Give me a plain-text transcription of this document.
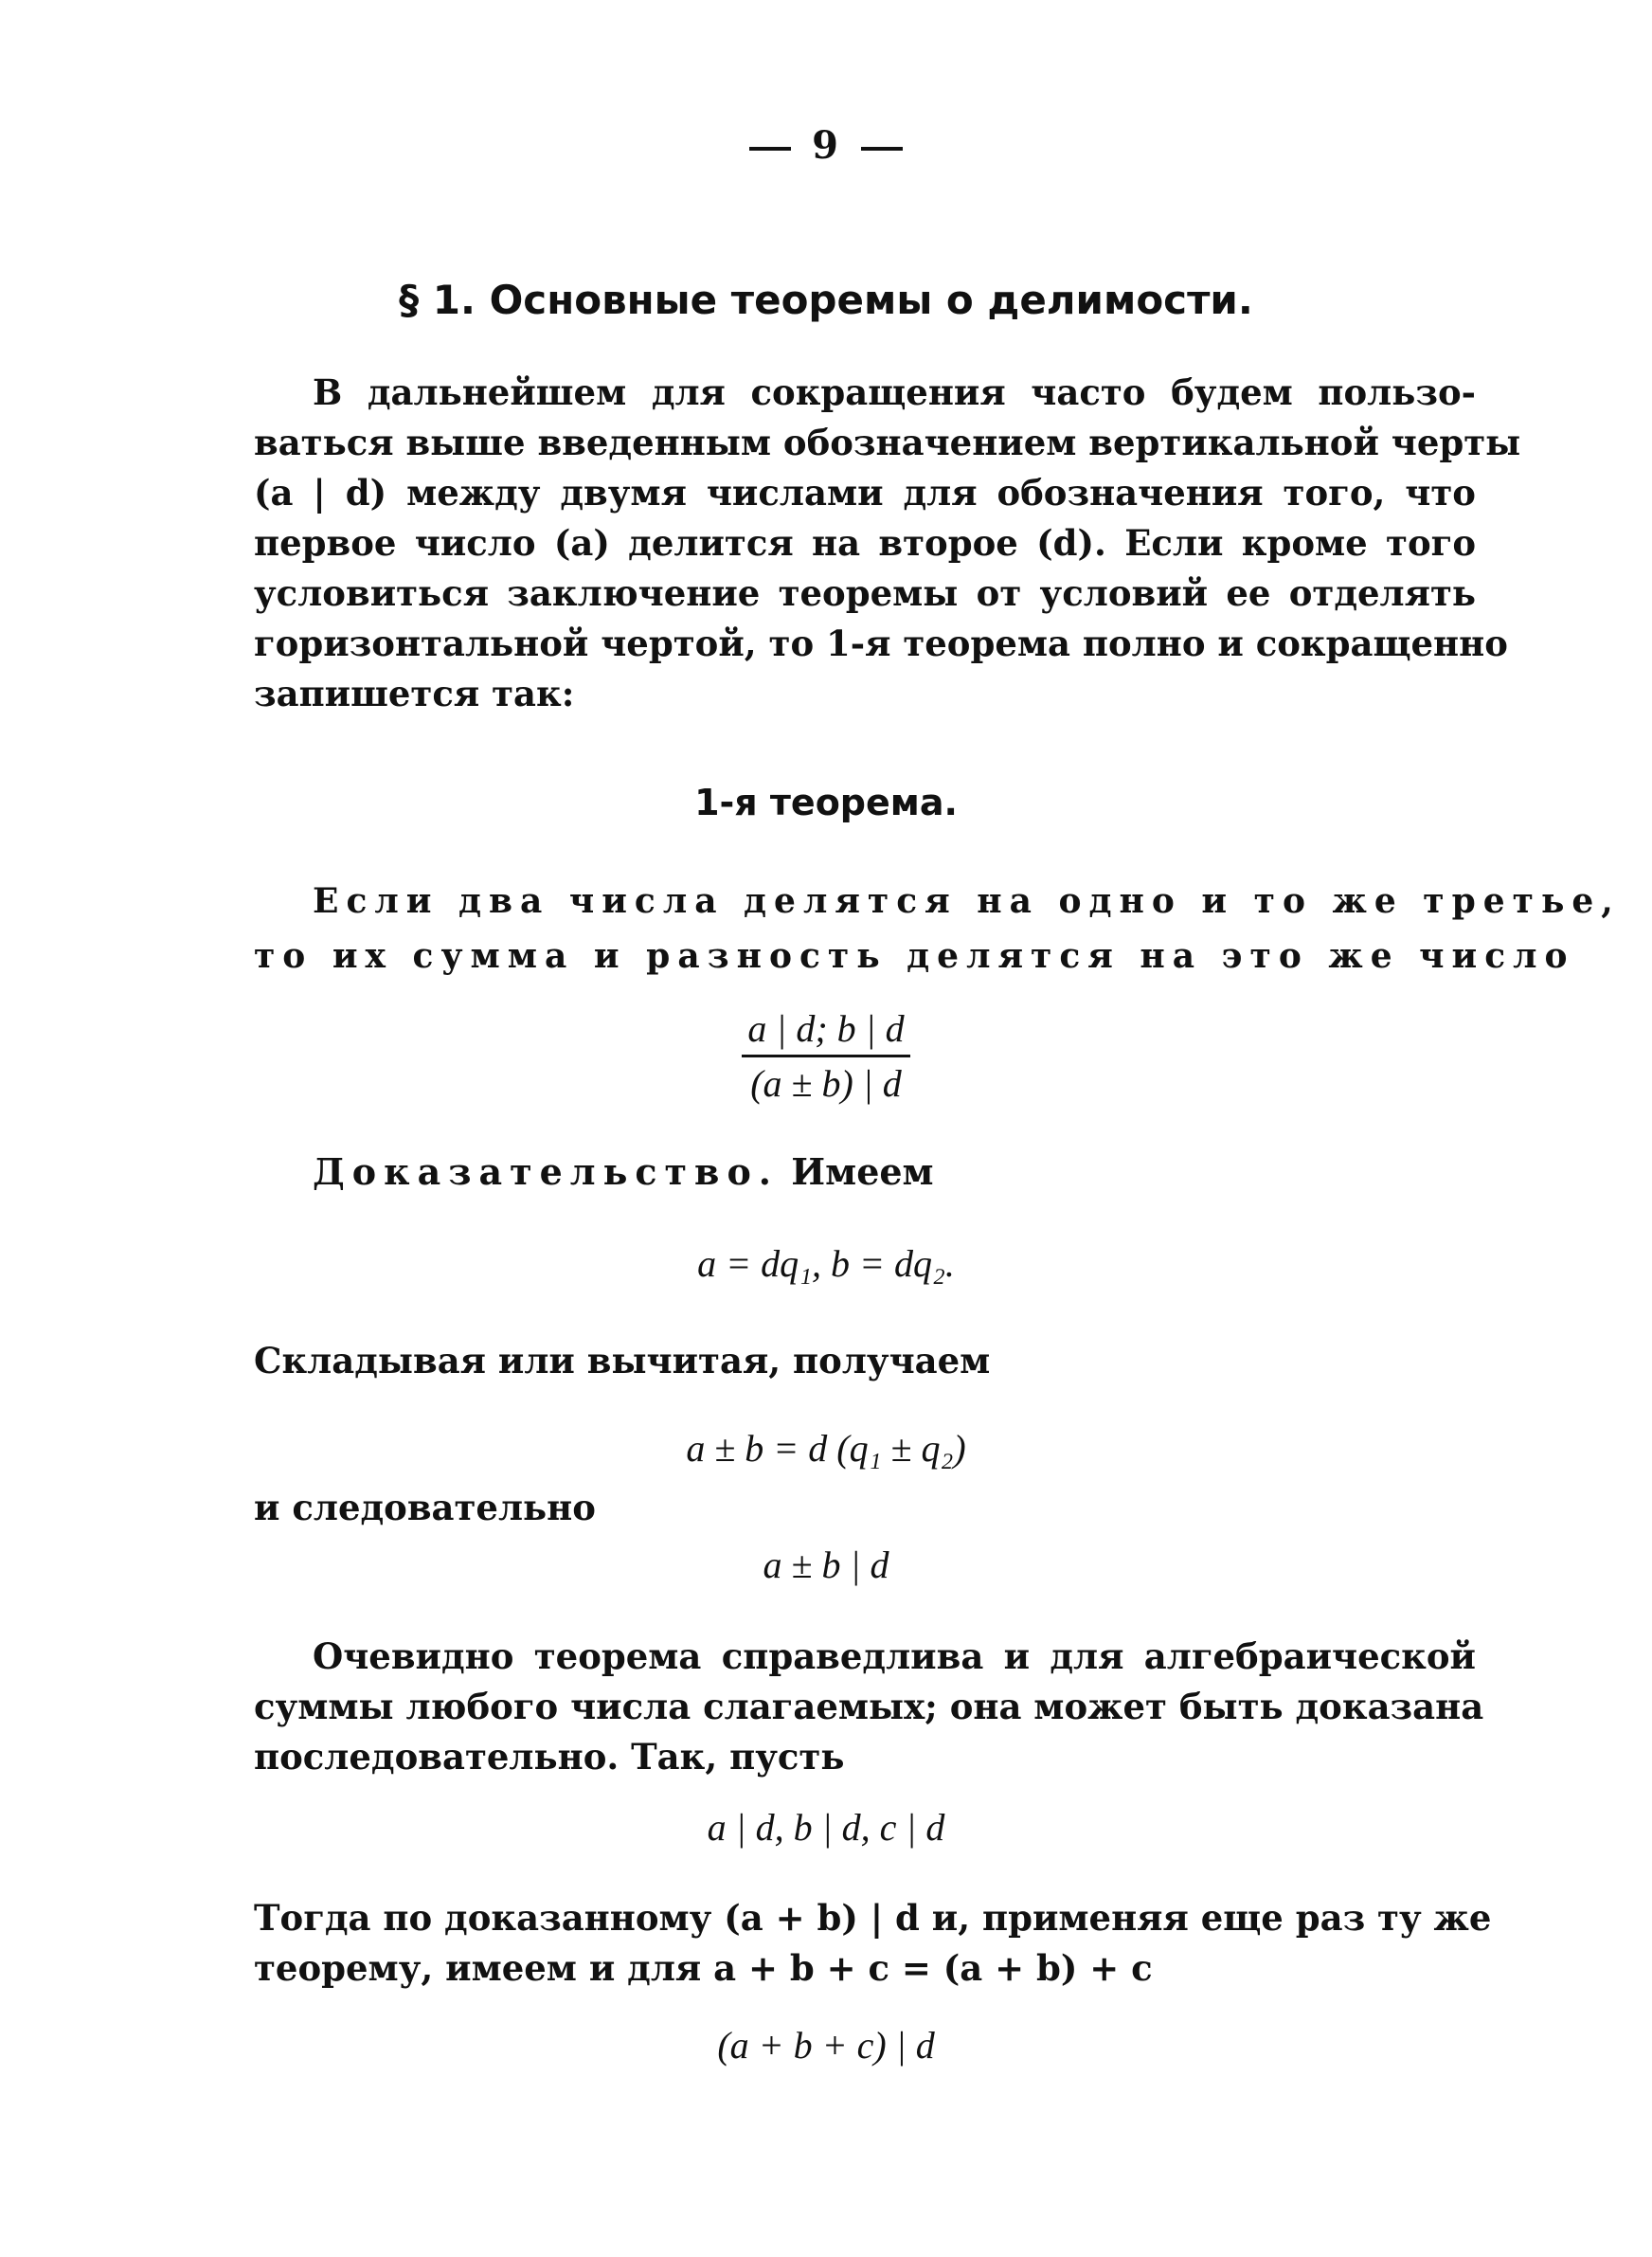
9
§ 1. Основные теоремы о делимости.
В дальнейшем для сокращения часто будем пользо-
ваться выше введенным обозначением вертикальной черты
(a | d) между двумя числами для обозначения того, что
первое число (a) делится на второе (d). Если кроме того
условиться заключение теоремы от условий ее отделять
горизонтальной чертой, то 1-я теорема полно и сокращенно
запишется так:
1-я теорема.
Если два числа делятся на одно и то же третье,
то их сумма и разность делятся на это же число
$\frac{a | d; b | d}{(a \pm b) | d}$
Доказательство. Имеем
a = dq₁, b = dq₂.
Складывая или вычитая, получаем
a ± b = d (q₁ ± q₂)
и следовательно
a ± b | d
Очевидно теорема справедлива и для алгебраической
суммы любого числа слагаемых; она может быть доказана
последовательно. Так, пусть
a | d, b | d, c | d
Тогда по доказанному (a + b) | d и, применяя еще раз ту же
теорему, имеем и для a + b + c = (a + b) + c
(a + b + c) | d
